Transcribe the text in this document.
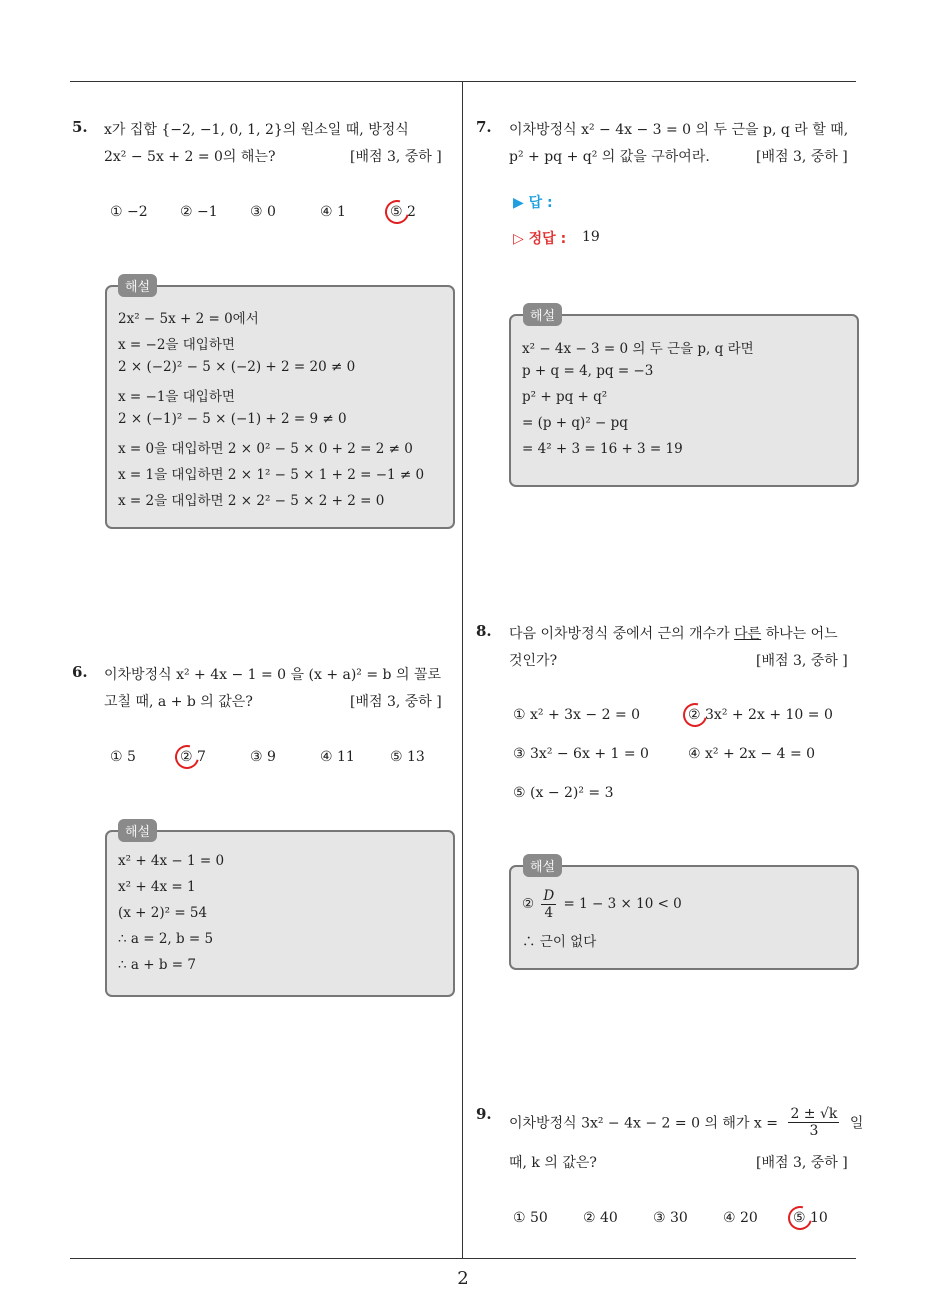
5. x가 집합 {−2, −1, 0, 1, 2}의 원소일 때, 방정식
2x² − 5x + 2 = 0의 해는?	[배점 3, 중하 ]
① −2 ② −1 ③ 0	④ 1	⑤ 2
해설
2x² − 5x + 2 = 0에서
x = −2을 대입하면
2 × (−2)² − 5 × (−2) + 2 = 20 ≠ 0
x = −1을 대입하면
2 × (−1)² − 5 × (−1) + 2 = 9 ≠ 0
x = 0을 대입하면 2 × 0² − 5 × 0 + 2 = 2 ≠ 0
x = 1을 대입하면 2 × 1² − 5 × 1 + 2 = −1 ≠ 0
x = 2을 대입하면 2 × 2² − 5 × 2 + 2 = 0
6. 이차방정식 x² + 4x − 1 = 0 을 (x + a)² = b 의 꼴로
고칠 때, a + b 의 값은?	[배점 3, 중하 ]
① 5	② 7	③ 9	④ 11	⑤ 13
해설
x² + 4x − 1 = 0
x² + 4x = 1
(x + 2)² = 54
∴ a = 2, b = 5
∴ a + b = 7
7. 이차방정식 x² − 4x − 3 = 0 의 두 근을 p, q 라 할 때,
p² + pq + q² 의 값을 구하여라.	[배점 3, 중하 ]
▶ 답 :
▷ 정답 : 19
해설
x² − 4x − 3 = 0 의 두 근을 p, q 라면
p + q = 4, pq = −3
p² + pq + q²
= (p + q)² − pq
= 4² + 3 = 16 + 3 = 19
8. 다음 이차방정식 중에서 근의 개수가 다른 하나는 어느
것인가?	[배점 3, 중하 ]
① x² + 3x − 2 = 0	② 3x² + 2x + 10 = 0
③ 3x² − 6x + 1 = 0	④ x² + 2x − 4 = 0
⑤ (x − 2)² = 3
해설
② $\frac{D}{4} = 1 - 3 \times 10 < 0$
∴ 근이 없다
9.
이차방정식 3x² − 4x − 2 = 0 의 해가 $x = \frac{2 \pm √k}{3}$ 일
때, k 의 값은?	[배점 3, 중하 ]
① 50	② 40	③ 30	④ 20	⑤ 10
2
